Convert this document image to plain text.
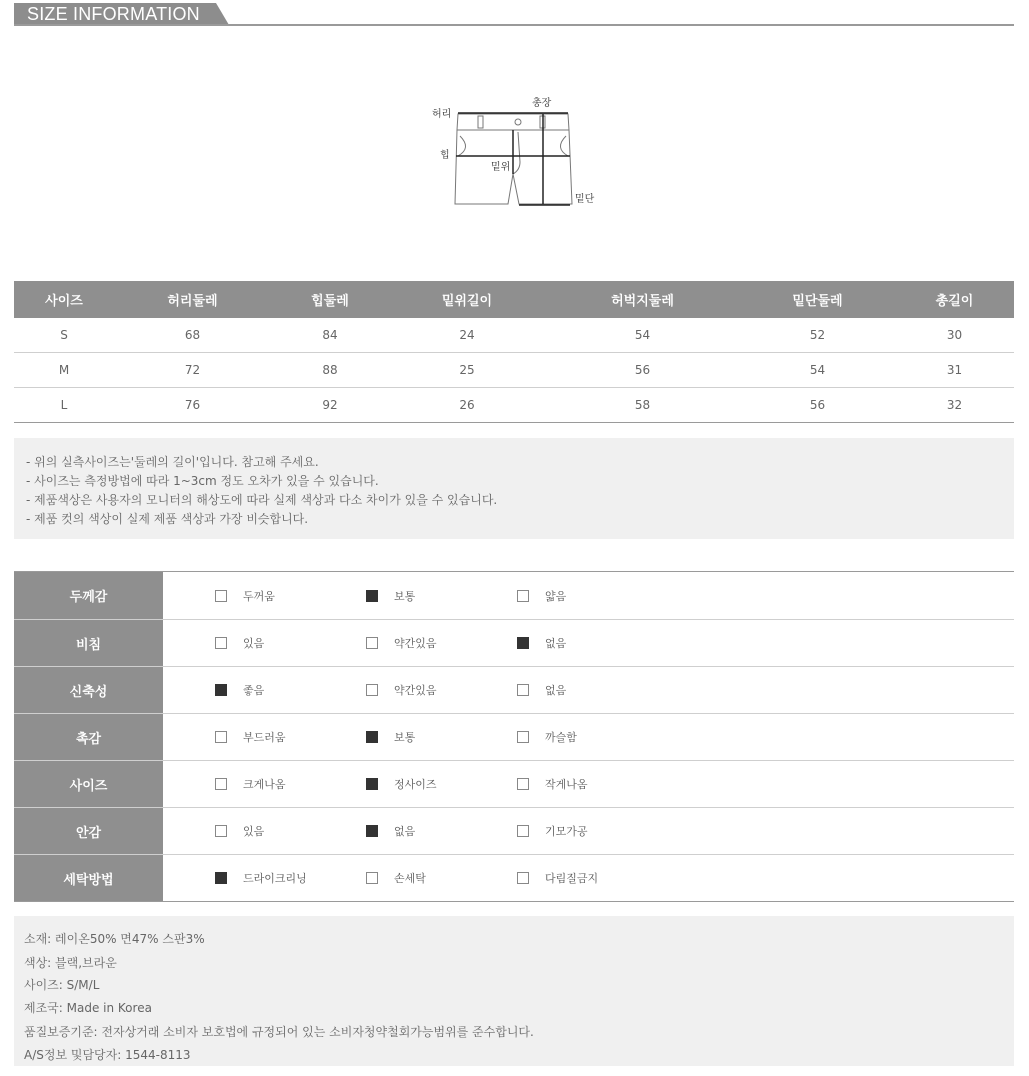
SIZE INFORMATION
허리
총장
힙
밑위
밑단
사이즈	허리둘레	힙둘레	밑위길이	허벅지둘레	밑단둘레	총길이
S	68	84	24	54	52	30
M	72	88	25	56	54	31
L	76	92	26	58	56	32
- 위의 실측사이즈는'둘레의 길이'입니다. 참고해 주세요.
- 사이즈는 측정방법에 따라 1~3cm 정도 오차가 있을 수 있습니다.
- 제품색상은 사용자의 모니터의 해상도에 따라 실제 색상과 다소 차이가 있을 수 있습니다.
- 제품 컷의 색상이 실제 제품 색상과 가장 비슷합니다.
두께감	두꺼움	보통	얇음
비침	있음	약간있음	없음
신축성	좋음	약간있음	없음
촉감	부드러움	보통	까슬함
사이즈	크게나옴	정사이즈	작게나옴
안감	있음	없음	기모가공
세탁방법	드라이크리닝	손세탁	다림질금지
소재: 레이온50% 면47% 스판3%
색상: 블랙,브라운
사이즈: S/M/L
제조국: Made in Korea
품질보증기준: 전자상거래 소비자 보호법에 규정되어 있는 소비자청약철회가능범위를 준수합니다.
A/S정보 및담당자: 1544-8113
